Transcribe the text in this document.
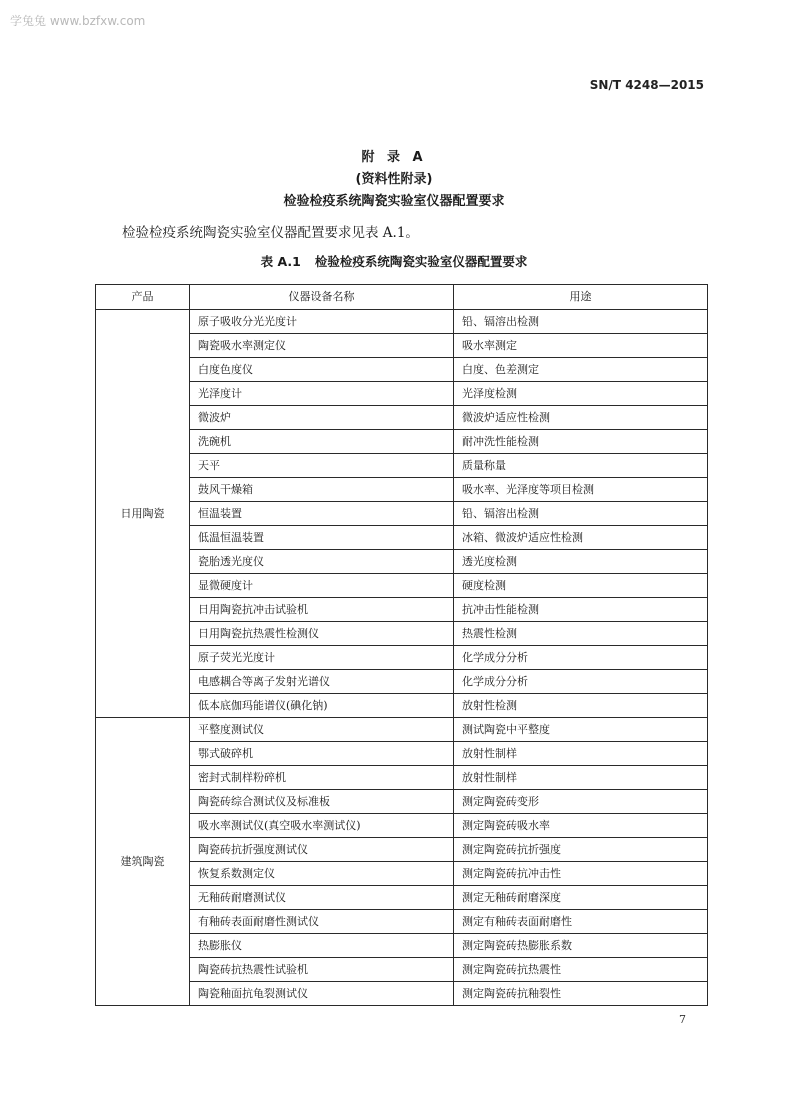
学兔兔 www.bzfxw.com
SN/T 4248—2015
附 录 A
(资料性附录)
检验检疫系统陶瓷实验室仪器配置要求
检验检疫系统陶瓷实验室仪器配置要求见表 A.1。
表 A.1 检验检疫系统陶瓷实验室仪器配置要求
产品	仪器设备名称	用途
日用陶瓷	原子吸收分光光度计	铅、镉溶出检测
	陶瓷吸水率测定仪	吸水率测定
	白度色度仪	白度、色差测定
	光泽度计	光泽度检测
	微波炉	微波炉适应性检测
	洗碗机	耐冲洗性能检测
	天平	质量称量
	鼓风干燥箱	吸水率、光泽度等项目检测
	恒温装置	铅、镉溶出检测
	低温恒温装置	冰箱、微波炉适应性检测
	瓷胎透光度仪	透光度检测
	显微硬度计	硬度检测
	日用陶瓷抗冲击试验机	抗冲击性能检测
	日用陶瓷抗热震性检测仪	热震性检测
	原子荧光光度计	化学成分分析
	电感耦合等离子发射光谱仪	化学成分分析
	低本底伽玛能谱仪(碘化钠)	放射性检测
建筑陶瓷	平整度测试仪	测试陶瓷中平整度
	鄂式破碎机	放射性制样
	密封式制样粉碎机	放射性制样
	陶瓷砖综合测试仪及标准板	测定陶瓷砖变形
	吸水率测试仪(真空吸水率测试仪)	测定陶瓷砖吸水率
	陶瓷砖抗折强度测试仪	测定陶瓷砖抗折强度
	恢复系数测定仪	测定陶瓷砖抗冲击性
	无釉砖耐磨测试仪	测定无釉砖耐磨深度
	有釉砖表面耐磨性测试仪	测定有釉砖表面耐磨性
	热膨胀仪	测定陶瓷砖热膨胀系数
	陶瓷砖抗热震性试验机	测定陶瓷砖抗热震性
	陶瓷釉面抗龟裂测试仪	测定陶瓷砖抗釉裂性
7
